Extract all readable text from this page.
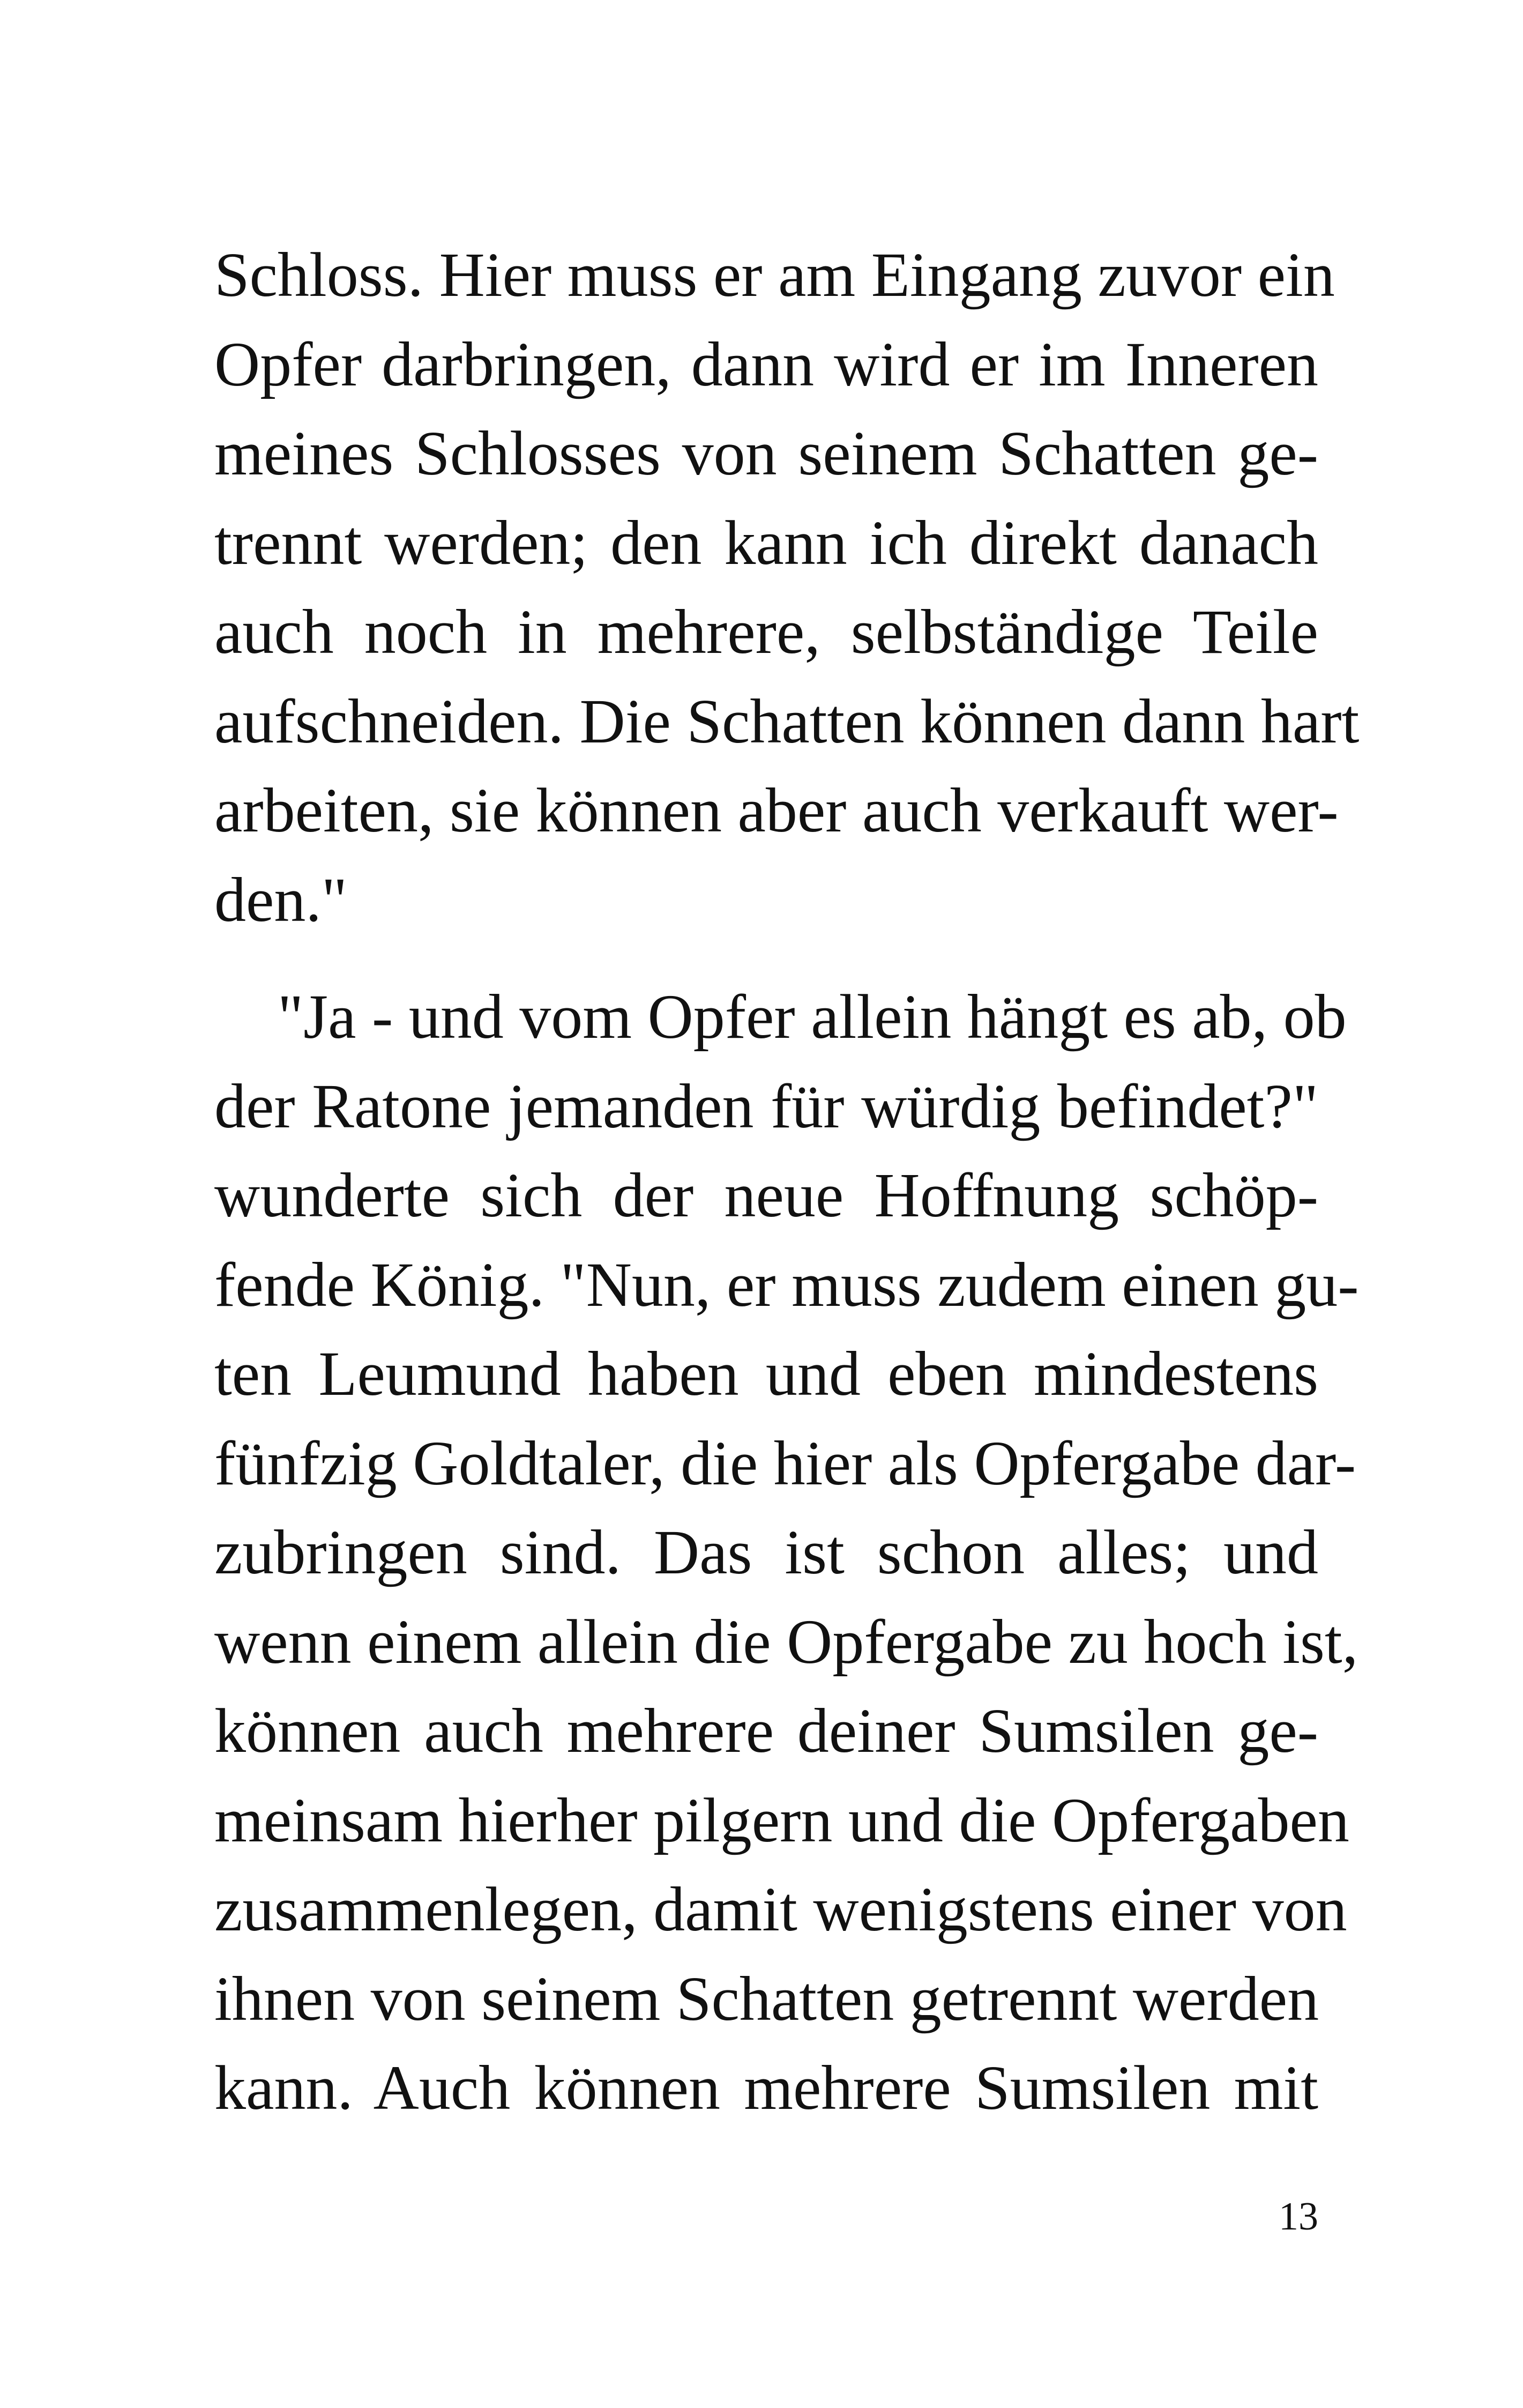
Schloss. Hier muss er am Eingang zuvor ein
Opfer darbringen, dann wird er im Inneren
meines Schlosses von seinem Schatten ge-
trennt werden; den kann ich direkt danach
auch noch in mehrere, selbständige Teile
aufschneiden. Die Schatten können dann hart
arbeiten, sie können aber auch verkauft wer-
den."
"Ja - und vom Opfer allein hängt es ab, ob
der Ratone jemanden für würdig befindet?"
wunderte sich der neue Hoffnung schöp-
fende König. "Nun, er muss zudem einen gu-
ten Leumund haben und eben mindestens
fünfzig Goldtaler, die hier als Opfergabe dar-
zubringen sind. Das ist schon alles; und
wenn einem allein die Opfergabe zu hoch ist,
können auch mehrere deiner Sumsilen ge-
meinsam hierher pilgern und die Opfergaben
zusammenlegen, damit wenigstens einer von
ihnen von seinem Schatten getrennt werden
kann. Auch können mehrere Sumsilen mit
13
